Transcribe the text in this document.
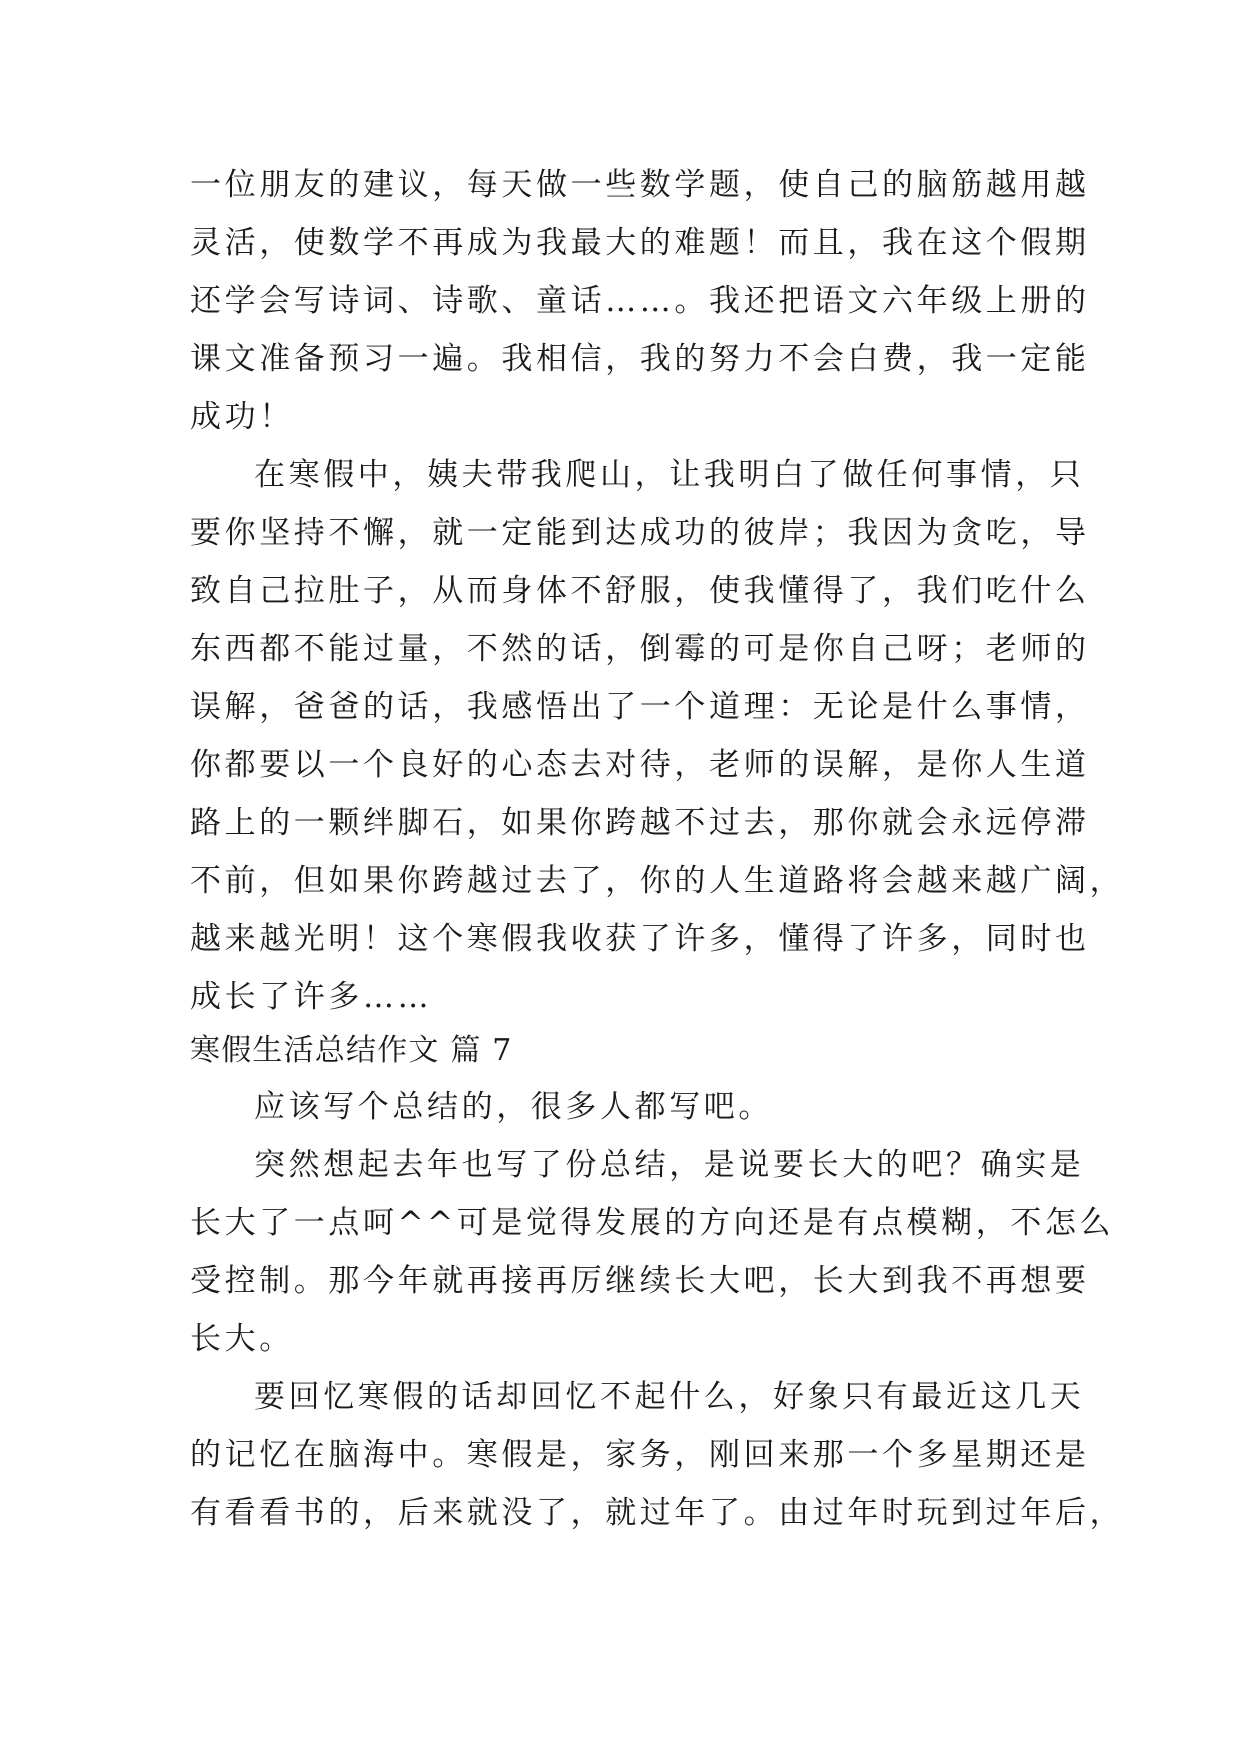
一位朋友的建议，每天做一些数学题，使自己的脑筋越用越
灵活，使数学不再成为我最大的难题！而且，我在这个假期
还学会写诗词、诗歌、童话……。我还把语文六年级上册的
课文准备预习一遍。我相信，我的努力不会白费，我一定能
成功！
在寒假中，姨夫带我爬山，让我明白了做任何事情，只
要你坚持不懈，就一定能到达成功的彼岸；我因为贪吃，导
致自己拉肚子，从而身体不舒服，使我懂得了，我们吃什么
东西都不能过量，不然的话，倒霉的可是你自己呀；老师的
误解，爸爸的话，我感悟出了一个道理：无论是什么事情，
你都要以一个良好的心态去对待，老师的误解，是你人生道
路上的一颗绊脚石，如果你跨越不过去，那你就会永远停滞
不前，但如果你跨越过去了，你的人生道路将会越来越广阔，
越来越光明！这个寒假我收获了许多，懂得了许多，同时也
成长了许多……
寒假生活总结作文 篇 7
应该写个总结的，很多人都写吧。
突然想起去年也写了份总结，是说要长大的吧？确实是
长大了一点呵^^可是觉得发展的方向还是有点模糊，不怎么
受控制。那今年就再接再厉继续长大吧，长大到我不再想要
长大。
要回忆寒假的话却回忆不起什么，好象只有最近这几天
的记忆在脑海中。寒假是，家务，刚回来那一个多星期还是
有看看书的，后来就没了，就过年了。由过年时玩到过年后，
